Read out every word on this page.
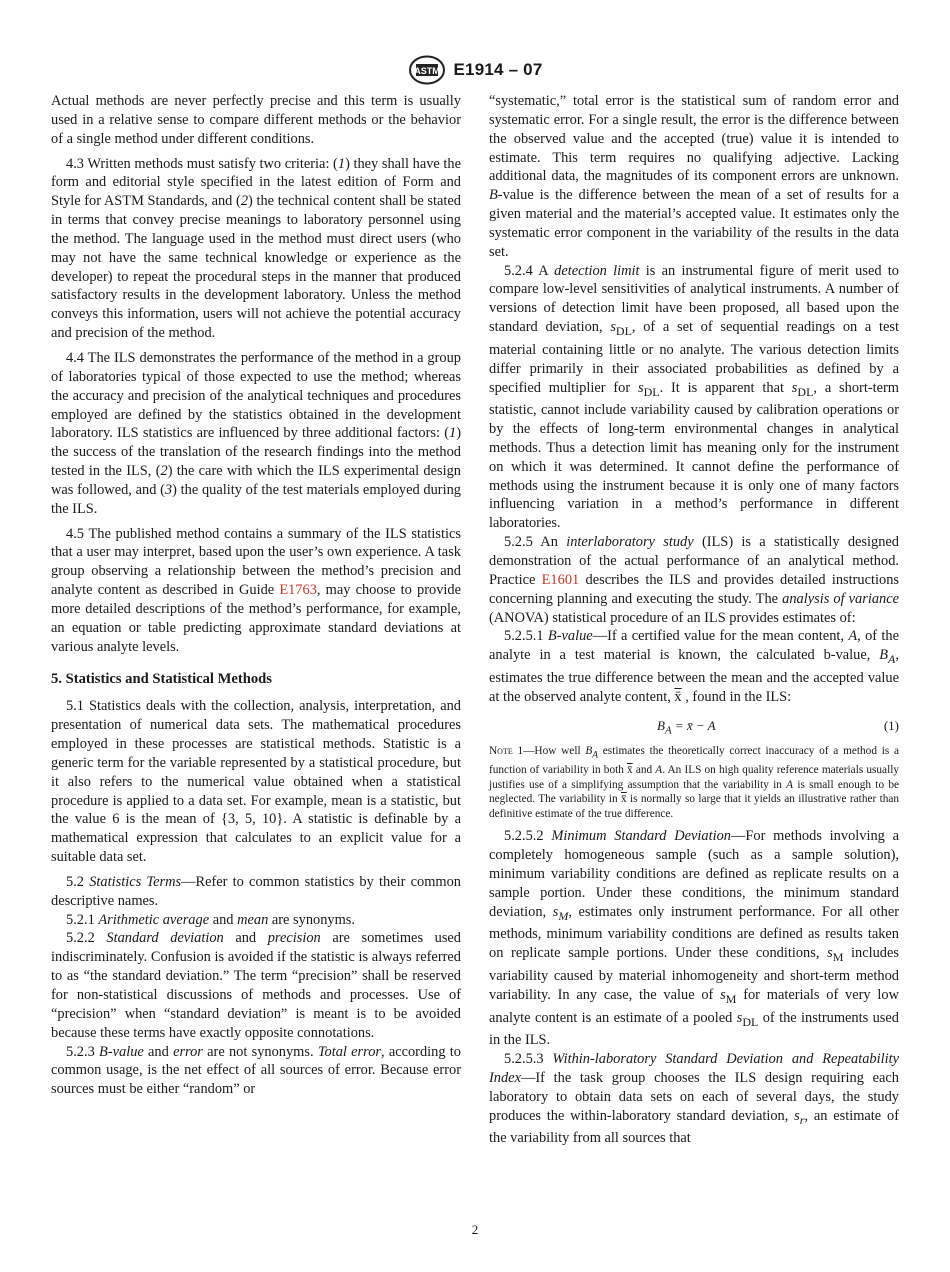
ASTM E1914 – 07

Actual methods are never perfectly precise and this term is usually used in a relative sense to compare different methods or the behavior of a single method under different conditions.

4.3 Written methods must satisfy two criteria: (1) they shall have the form and editorial style specified in the latest edition of Form and Style for ASTM Standards, and (2) the technical content shall be stated in terms that convey precise meanings to laboratory personnel using the method. The language used in the method must direct users (who may not have the same technical knowledge or experience as the developer) to repeat the procedural steps in the manner that produced satisfactory results in the development laboratory. Unless the method conveys this information, users will not achieve the potential accuracy and precision of the method.

4.4 The ILS demonstrates the performance of the method in a group of laboratories typical of those expected to use the method; whereas the accuracy and precision of the analytical techniques and procedures employed are defined by the statistics obtained in the development laboratory. ILS statistics are influenced by three additional factors: (1) the success of the translation of the research findings into the method tested in the ILS, (2) the care with which the ILS experimental design was followed, and (3) the quality of the test materials employed during the ILS.

4.5 The published method contains a summary of the ILS statistics that a user may interpret, based upon the user’s own experience. A task group observing a relationship between the method’s precision and analyte content as described in Guide E1763, may choose to provide more detailed descriptions of the method’s performance, for example, an equation or table predicting approximate standard deviations at various analyte levels.

5. Statistics and Statistical Methods

5.1 Statistics deals with the collection, analysis, interpretation, and presentation of numerical data sets. The mathematical procedures employed in these processes are statistical methods. Statistic is a generic term for the variable represented by a statistical procedure, but it also refers to the numerical value obtained when a statistical procedure is applied to a data set. For example, mean is a statistic, but the value 6 is the mean of {3, 5, 10}. A statistic is definable by a mathematical expression that calculates to an explicit value for a suitable data set.

5.2 Statistics Terms—Refer to common statistics by their common descriptive names.

5.2.1 Arithmetic average and mean are synonyms.

5.2.2 Standard deviation and precision are sometimes used indiscriminately. Confusion is avoided if the statistic is always referred to as “the standard deviation.” The term “precision” shall be reserved for non-statistical discussions of methods and processes. Use of “precision” when “standard deviation” is meant is to be avoided because these terms have exactly opposite connotations.

5.2.3 B-value and error are not synonyms. Total error, according to common usage, is the net effect of all sources of error. Because error sources must be either “random” or

“systematic,” total error is the statistical sum of random error and systematic error. For a single result, the error is the difference between the observed value and the accepted (true) value it is intended to estimate. This term requires no qualifying adjective. Lacking additional data, the magnitudes of its component errors are unknown. B-value is the difference between the mean of a set of results for a given material and the material’s accepted value. It estimates only the systematic error component in the variability of the results in the data set.

5.2.4 A detection limit is an instrumental figure of merit used to compare low-level sensitivities of analytical instruments. A number of versions of detection limit have been proposed, all based upon the standard deviation, $s_{DL}$, of a set of sequential readings on a test material containing little or no analyte. The various detection limits differ primarily in their associated probabilities as defined by a specified multiplier for $s_{DL}$. It is apparent that $s_{DL}$, a short-term statistic, cannot include variability caused by calibration operations or by the effects of long-term environmental changes in analytical methods. Thus a detection limit has meaning only for the instrument on which it was determined. It cannot define the performance of methods using the instrument because it is only one of many factors influencing variation in a method’s performance in different laboratories.

5.2.5 An interlaboratory study (ILS) is a statistically designed demonstration of the actual performance of an analytical method. Practice E1601 describes the ILS and provides detailed instructions concerning planning and executing the study. The analysis of variance (ANOVA) statistical procedure of an ILS provides estimates of:

5.2.5.1 B-value—If a certified value for the mean content, A, of the analyte in a test material is known, the calculated b-value, $B_A$, estimates the true difference between the mean and the accepted value at the observed analyte content, x̄ , found in the ILS:

$B_A$ = x̄ − A	(1)

Note 1—How well $B_A$ estimates the theoretically correct inaccuracy of a method is a function of variability in both x̄ and A. An ILS on high quality reference materials usually justifies use of a simplifying assumption that the variability in A is small enough to be neglected. The variability in x̄ is normally so large that it yields an illustrative rather than definitive estimate of the true difference.

5.2.5.2 Minimum Standard Deviation—For methods involving a completely homogeneous sample (such as a sample solution), minimum variability conditions are defined as replicate results on a sample portion. Under these conditions, the minimum standard deviation, $s_M$, estimates only instrument performance. For all other methods, minimum variability conditions are defined as results taken on replicate sample portions. Under these conditions, $s_M$ includes variability caused by material inhomogeneity and short-term method variability. In any case, the value of $s_M$ for materials of very low analyte content is an estimate of a pooled $s_{DL}$ of the instruments used in the ILS.

5.2.5.3 Within-laboratory Standard Deviation and Repeatability Index—If the task group chooses the ILS design requiring each laboratory to obtain data sets on each of several days, the study produces the within-laboratory standard deviation, $s_r$, an estimate of the variability from all sources that

2
